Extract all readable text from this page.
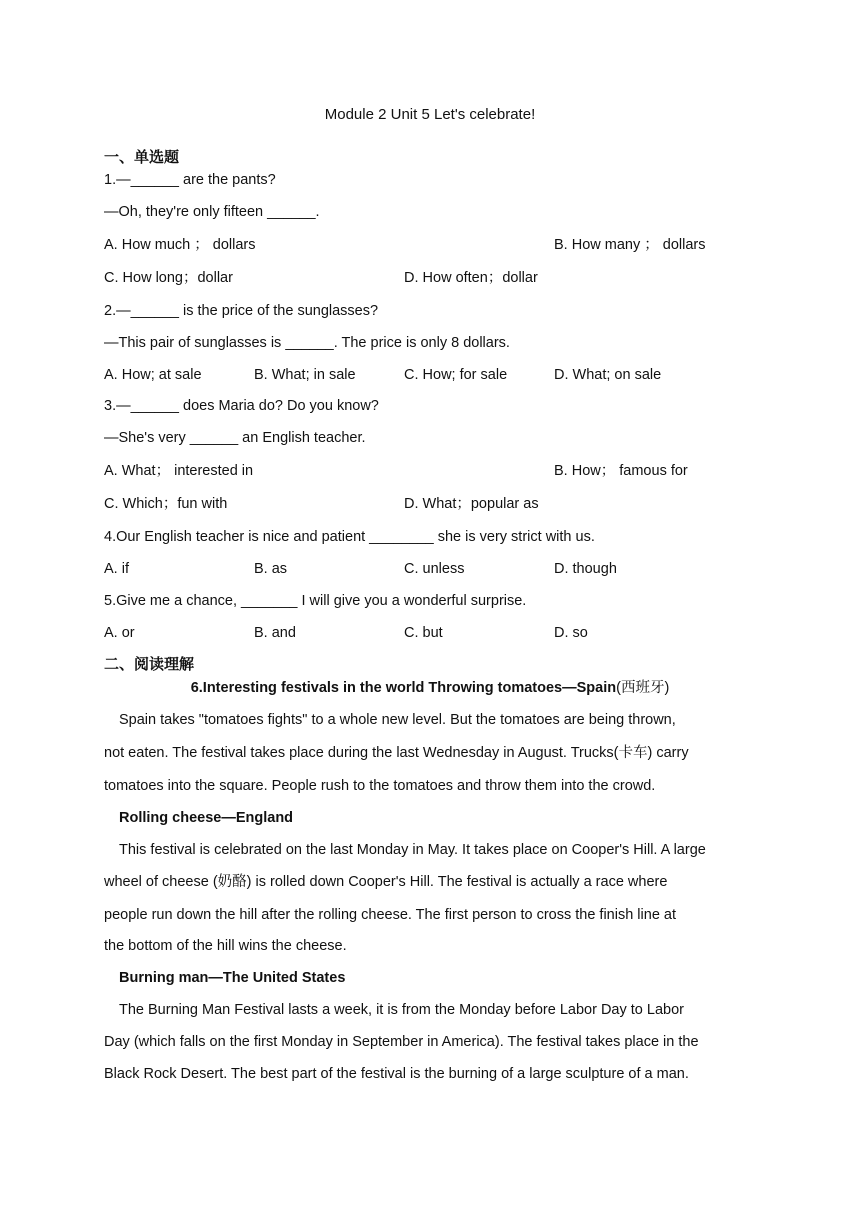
Module 2 Unit 5 Let's celebrate!
一、单选题
1.—______ are the pants?
—Oh, they're only fifteen ______.
A. How much ； dollars	B. How many ； dollars
C. How long；dollar	D. How often；dollar
2.—______ is the price of the sunglasses?
—This pair of sunglasses is ______. The price is only 8 dollars.
A. How; at sale	B. What; in sale	C. How; for sale	D. What; on sale
3.—______ does Maria do? Do you know?
—She's very ______ an English teacher.
A. What； interested in	B. How； famous for
C. Which；fun with	D. What；popular as
4.Our English teacher is nice and patient ________ she is very strict with us.
A. if	B. as	C. unless	D. though
5.Give me a chance, _______ I will give you a wonderful surprise.
A. or	B. and	C. but	D. so
二、阅读理解
6.Interesting festivals in the world Throwing tomatoes—Spain(西班牙)
Spain takes "tomatoes fights" to a whole new level. But the tomatoes are being thrown,
not eaten. The festival takes place during the last Wednesday in August. Trucks(卡车) carry
tomatoes into the square. People rush to the tomatoes and throw them into the crowd.
Rolling cheese—England
This festival is celebrated on the last Monday in May. It takes place on Cooper's Hill. A large
wheel of cheese (奶酪) is rolled down Cooper's Hill. The festival is actually a race where
people run down the hill after the rolling cheese. The first person to cross the finish line at
the bottom of the hill wins the cheese.
Burning man—The United States
The Burning Man Festival lasts a week, it is from the Monday before Labor Day to Labor
Day (which falls on the first Monday in September in America). The festival takes place in the
Black Rock Desert. The best part of the festival is the burning of a large sculpture of a man.
